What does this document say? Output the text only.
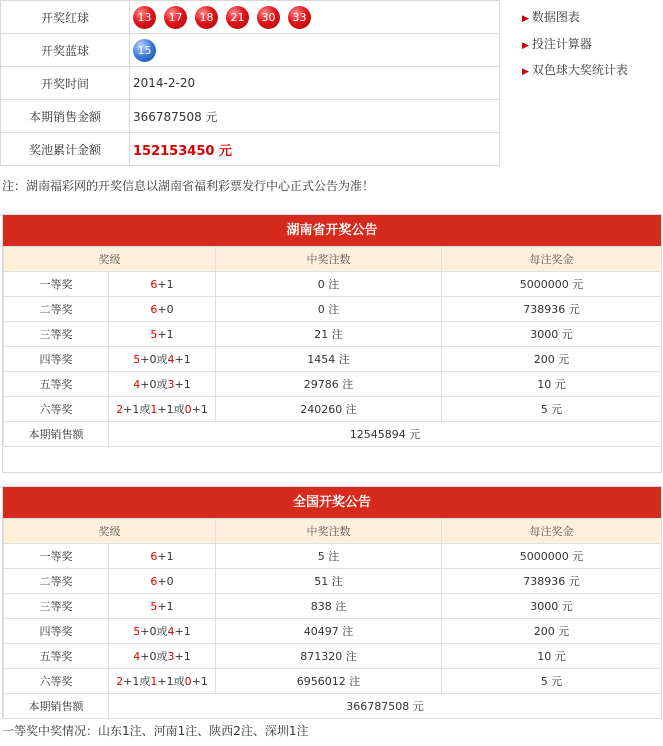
开奖红球	13 17 18 21 30 33
开奖蓝球	15
开奖时间	2014-2-20
本期销售金额	366787508 元
奖池累计金额	152153450 元
▶ 数据图表
▶ 投注计算器
▶ 双色球大奖统计表
注：湖南福彩网的开奖信息以湖南省福利彩票发行中心正式公告为准！
湖南省开奖公告
奖级		中奖注数	每注奖金
一等奖	6+1	0 注	5000000 元
二等奖	6+0	0 注	738936 元
三等奖	5+1	21 注	3000 元
四等奖	5+0或4+1	1454 注	200 元
五等奖	4+0或3+1	29786 注	10 元
六等奖	2+1或1+1或0+1	240260 注	5 元
本期销售额	12545894 元		
全国开奖公告
奖级		中奖注数	每注奖金
一等奖	6+1	5 注	5000000 元
二等奖	6+0	51 注	738936 元
三等奖	5+1	838 注	3000 元
四等奖	5+0或4+1	40497 注	200 元
五等奖	4+0或3+1	871320 注	10 元
六等奖	2+1或1+1或0+1	6956012 注	5 元
本期销售额	366787508 元		
一等奖中奖情况：山东1注、河南1注、陕西2注、深圳1注
